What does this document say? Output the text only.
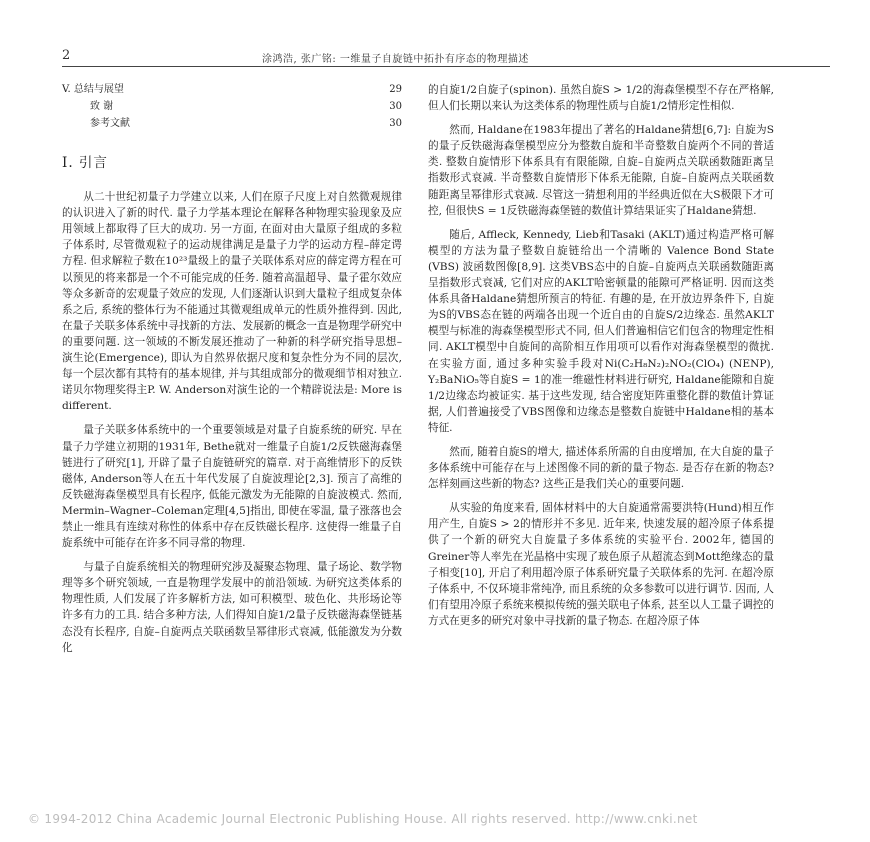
2	涂鸿浩, 张广铭: 一维量子自旋链中拓扑有序态的物理描述
V. 总结与展望	29
致 谢	30
参考文献	30
I. 引言

从二十世纪初量子力学建立以来, 人们在原子尺度上对自然微观规律的认识进入了新的时代. 量子力学基本理论在解释各种物理实验现象及应用领域上都取得了巨大的成功. 另一方面, 在面对由大量原子组成的多粒子体系时, 尽管微观粒子的运动规律满足是量子力学的运动方程–薛定谔方程. 但求解粒子数在10²³量级上的量子关联体系对应的薛定谔方程在可以预见的将来都是一个不可能完成的任务. 随着高温超导、量子霍尔效应等众多新奇的宏观量子效应的发现, 人们逐渐认识到大量粒子组成复杂体系之后, 系统的整体行为不能通过其微观组成单元的性质外推得到. 因此, 在量子关联多体系统中寻找新的方法、发展新的概念一直是物理学研究中的重要问题. 这一领域的不断发展还推动了一种新的科学研究指导思想–演生论(Emergence), 即认为自然界依据尺度和复杂性分为不同的层次, 每一个层次都有其特有的基本规律, 并与其组成部分的微观细节相对独立. 诺贝尔物理奖得主P. W. Anderson对演生论的一个精辟说法是: More is different.

量子关联多体系统中的一个重要领域是对量子自旋系统的研究. 早在量子力学建立初期的1931年, Bethe就对一维量子自旋1/2反铁磁海森堡链进行了研究[1], 开辟了量子自旋链研究的篇章. 对于高维情形下的反铁磁体, Anderson等人在五十年代发展了自旋波理论[2,3]. 预言了高维的反铁磁海森堡模型具有长程序, 低能元激发为无能隙的自旋波模式. 然而, Mermin–Wagner–Coleman定理[4,5]指出, 即使在零温, 量子涨落也会禁止一维具有连续对称性的体系中存在反铁磁长程序. 这使得一维量子自旋系统中可能存在许多不同寻常的物理.

与量子自旋系统相关的物理研究涉及凝聚态物理、量子场论、数学物理等多个研究领域, 一直是物理学发展中的前沿领域. 为研究这类体系的物理性质, 人们发展了许多解析方法, 如可积模型、玻色化、共形场论等许多有力的工具. 结合多种方法, 人们得知自旋1/2量子反铁磁海森堡链基态没有长程序, 自旋–自旋两点关联函数呈幂律形式衰减, 低能激发为分数化

的自旋1/2自旋子(spinon). 虽然自旋S > 1/2的海森堡模型不存在严格解, 但人们长期以来认为这类体系的物理性质与自旋1/2情形定性相似.

然而, Haldane在1983年提出了著名的Haldane猜想[6,7]: 自旋为S的量子反铁磁海森堡模型应分为整数自旋和半奇整数自旋两个不同的普适类. 整数自旋情形下体系具有有限能隙, 自旋–自旋两点关联函数随距离呈指数形式衰减. 半奇整数自旋情形下体系无能隙, 自旋–自旋两点关联函数随距离呈幂律形式衰减. 尽管这一猜想利用的半经典近似在大S极限下才可控, 但很快S = 1反铁磁海森堡链的数值计算结果证实了Haldane猜想.

随后, Affleck, Kennedy, Lieb和Tasaki (AKLT)通过构造严格可解模型的方法为量子整数自旋链给出一个清晰的 Valence Bond State (VBS) 波函数图像[8,9]. 这类VBS态中的自旋–自旋两点关联函数随距离呈指数形式衰减, 它们对应的AKLT哈密顿量的能隙可严格证明. 因而这类体系具备Haldane猜想所预言的特征. 有趣的是, 在开放边界条件下, 自旋为S的VBS态在链的两端各出现一个近自由的自旋S/2边缘态. 虽然AKLT模型与标准的海森堡模型形式不同, 但人们普遍相信它们包含的物理定性相同. AKLT模型中自旋间的高阶相互作用项可以看作对海森堡模型的微扰. 在实验方面, 通过多种实验手段对Ni(C₂H₈N₂)₂NO₂(ClO₄) (NENP), Y₂BaNiO₅等自旋S = 1的准一维磁性材料进行研究, Haldane能隙和自旋1/2边缘态均被证实. 基于这些发现, 结合密度矩阵重整化群的数值计算证据, 人们普遍接受了VBS图像和边缘态是整数自旋链中Haldane相的基本特征.

然而, 随着自旋S的增大, 描述体系所需的自由度增加, 在大自旋的量子多体系统中可能存在与上述图像不同的新的量子物态. 是否存在新的物态? 怎样刻画这些新的物态? 这些正是我们关心的重要问题.

从实验的角度来看, 固体材料中的大自旋通常需要洪特(Hund)相互作用产生, 自旋S > 2的情形并不多见. 近年来, 快速发展的超冷原子体系提供了一个新的研究大自旋量子多体系统的实验平台. 2002年, 德国的Greiner等人率先在光晶格中实现了玻色原子从超流态到Mott绝缘态的量子相变[10], 开启了利用超冷原子体系研究量子关联体系的先河. 在超冷原子体系中, 不仅环境非常纯净, 而且系统的众多参数可以进行调节. 因而, 人们有望用冷原子系统来模拟传统的强关联电子体系, 甚至以人工量子调控的方式在更多的研究对象中寻找新的量子物态. 在超冷原子体

© 1994-2012 China Academic Journal Electronic Publishing House. All rights reserved. http://www.cnki.net
